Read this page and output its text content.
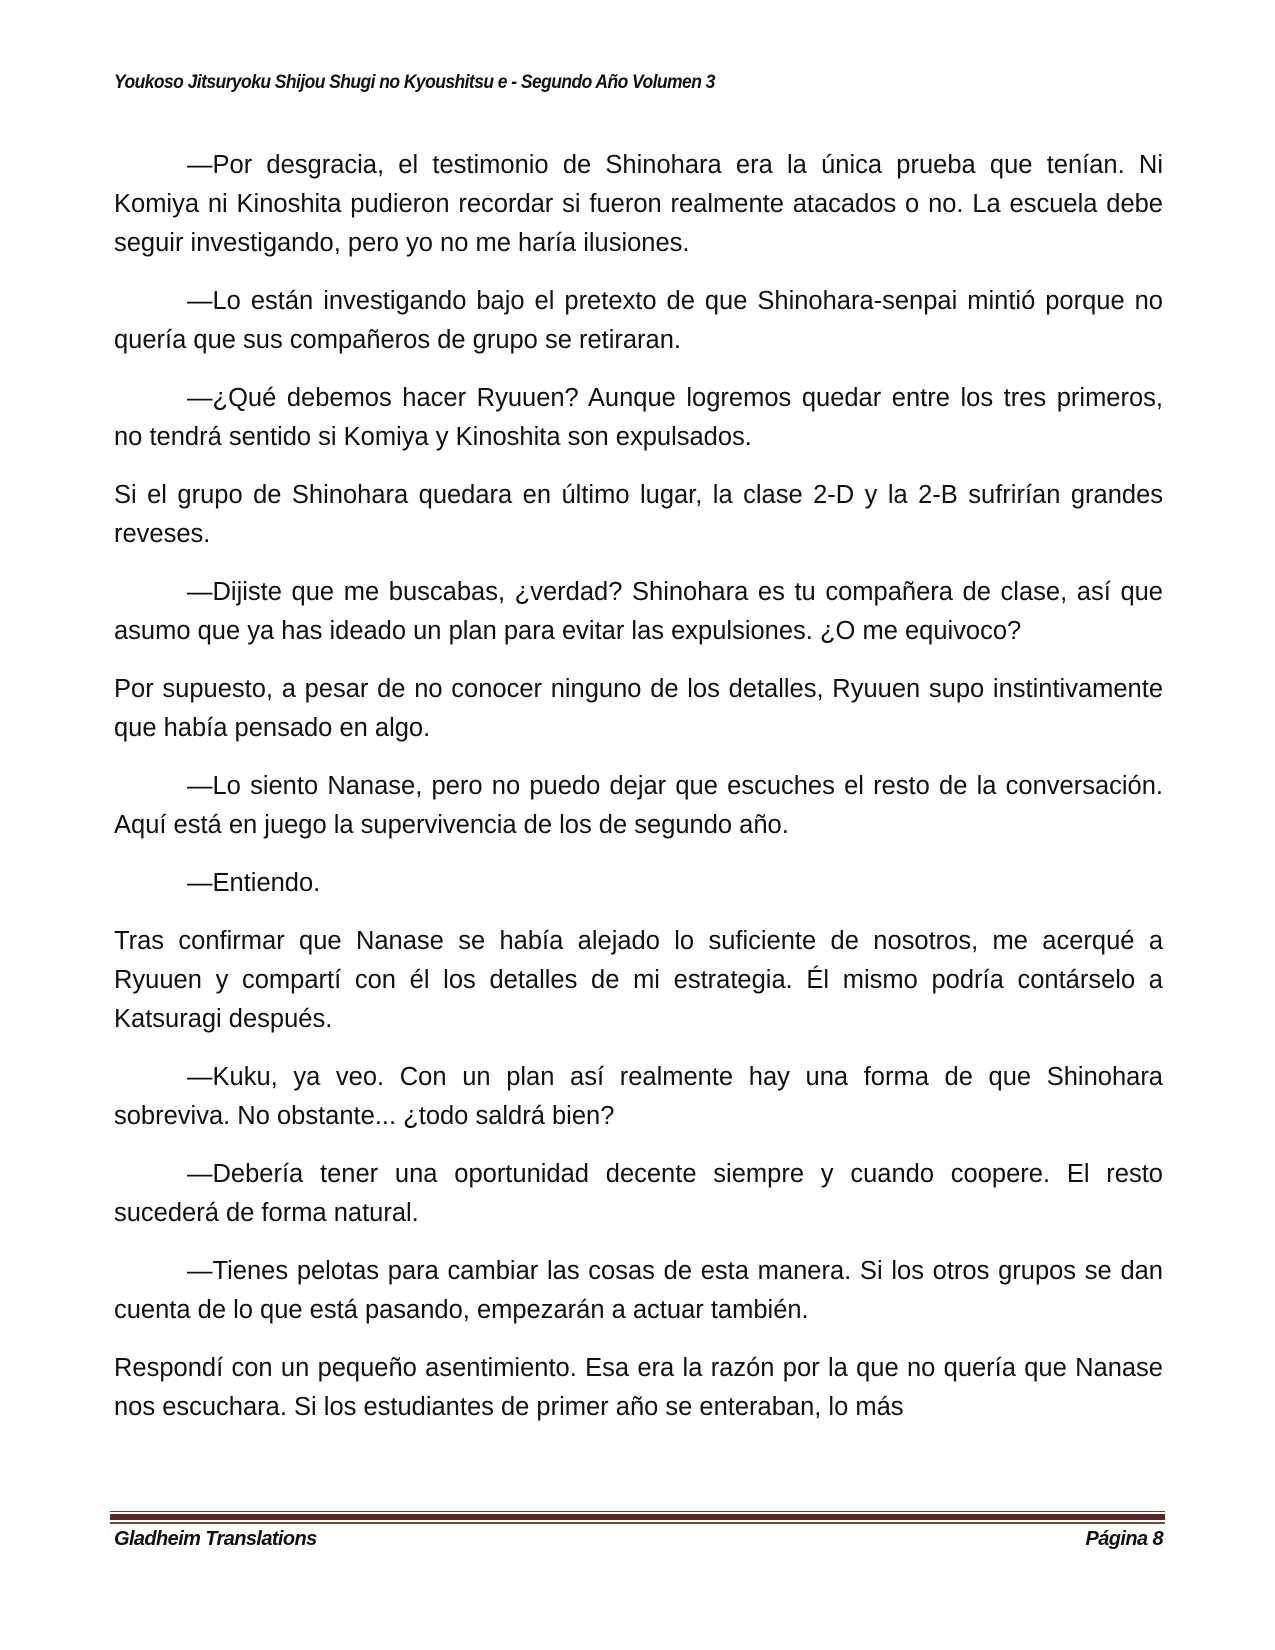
Youkoso Jitsuryoku Shijou Shugi no Kyoushitsu e - Segundo Año Volumen 3

—Por desgracia, el testimonio de Shinohara era la única prueba que tenían. Ni Komiya ni Kinoshita pudieron recordar si fueron realmente atacados o no. La escuela debe seguir investigando, pero yo no me haría ilusiones.

—Lo están investigando bajo el pretexto de que Shinohara-senpai mintió porque no quería que sus compañeros de grupo se retiraran.

—¿Qué debemos hacer Ryuuen? Aunque logremos quedar entre los tres primeros, no tendrá sentido si Komiya y Kinoshita son expulsados.

Si el grupo de Shinohara quedara en último lugar, la clase 2-D y la 2-B sufrirían grandes reveses.

—Dijiste que me buscabas, ¿verdad? Shinohara es tu compañera de clase, así que asumo que ya has ideado un plan para evitar las expulsiones. ¿O me equivoco?

Por supuesto, a pesar de no conocer ninguno de los detalles, Ryuuen supo instintivamente que había pensado en algo.

—Lo siento Nanase, pero no puedo dejar que escuches el resto de la conversación. Aquí está en juego la supervivencia de los de segundo año.

—Entiendo.

Tras confirmar que Nanase se había alejado lo suficiente de nosotros, me acerqué a Ryuuen y compartí con él los detalles de mi estrategia. Él mismo podría contárselo a Katsuragi después.

—Kuku, ya veo. Con un plan así realmente hay una forma de que Shinohara sobreviva. No obstante... ¿todo saldrá bien?

—Debería tener una oportunidad decente siempre y cuando coopere. El resto sucederá de forma natural.

—Tienes pelotas para cambiar las cosas de esta manera. Si los otros grupos se dan cuenta de lo que está pasando, empezarán a actuar también.

Respondí con un pequeño asentimiento. Esa era la razón por la que no quería que Nanase nos escuchara. Si los estudiantes de primer año se enteraban, lo más

Gladheim Translations	Página 8
